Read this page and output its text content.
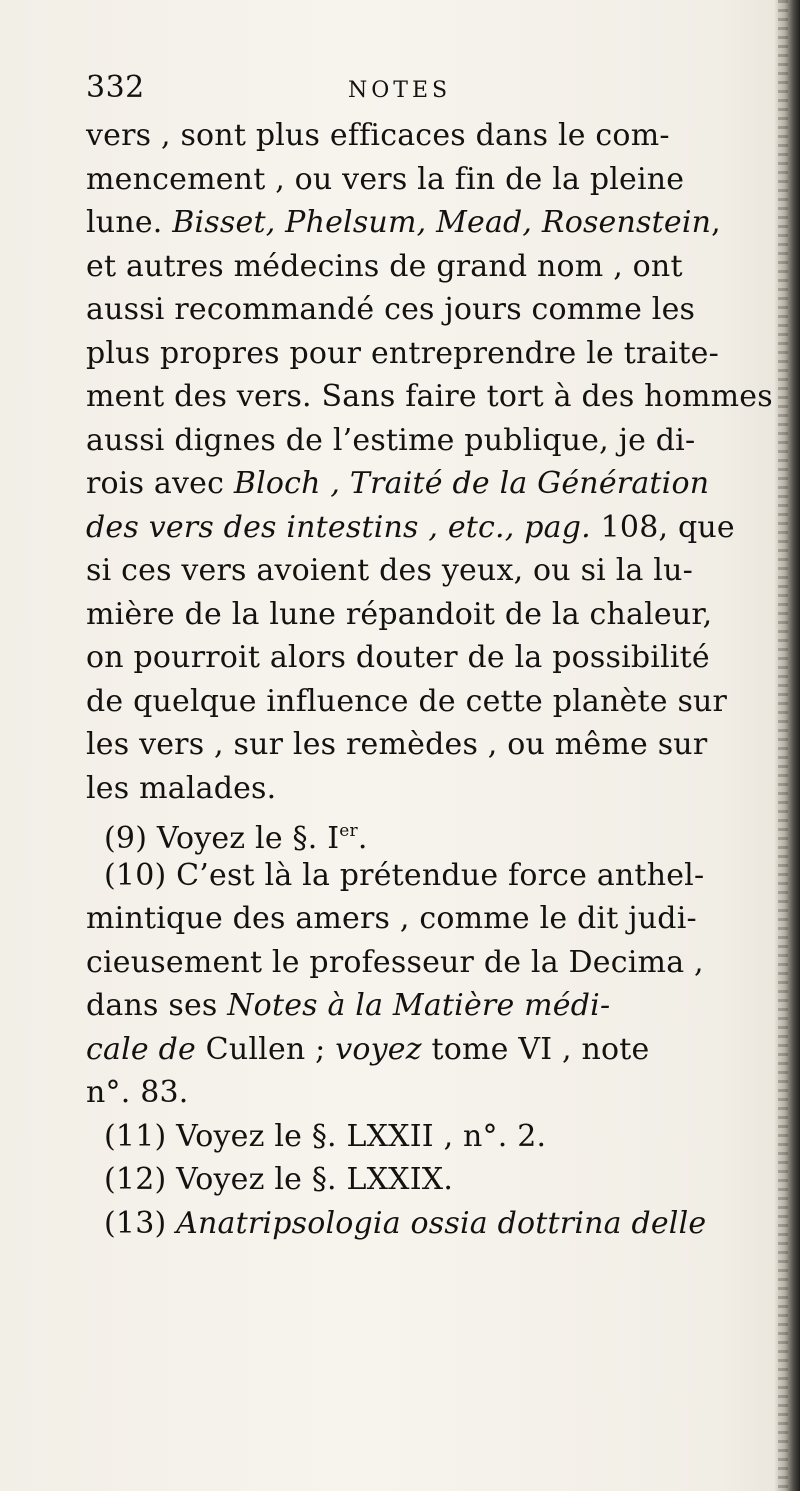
332	NOTES
vers , sont plus efficaces dans le com-
mencement , ou vers la fin de la pleine
lune. Bisset, Phelsum, Mead, Rosenstein,
et autres médecins de grand nom , ont
aussi recommandé ces jours comme les
plus propres pour entreprendre le traite-
ment des vers. Sans faire tort à des hommes
aussi dignes de l’estime publique, je di-
rois avec Bloch , Traité de la Génération
des vers des intestins , etc., pag. 108, que
si ces vers avoient des yeux, ou si la lu-
mière de la lune répandoit de la chaleur,
on pourroit alors douter de la possibilité
de quelque influence de cette planète sur
les vers , sur les remèdes , ou même sur
les malades.
(9) Voyez le §. Ier.
(10) C’est là la prétendue force anthel-
mintique des amers , comme le dit judi-
cieusement le professeur de la Decima ,
dans ses Notes à la Matière médi-
cale de Cullen ; voyez tome VI , note
n°. 83.
(11) Voyez le §. LXXII , n°. 2.
(12) Voyez le §. LXXIX.
(13) Anatripsologia ossia dottrina delle
